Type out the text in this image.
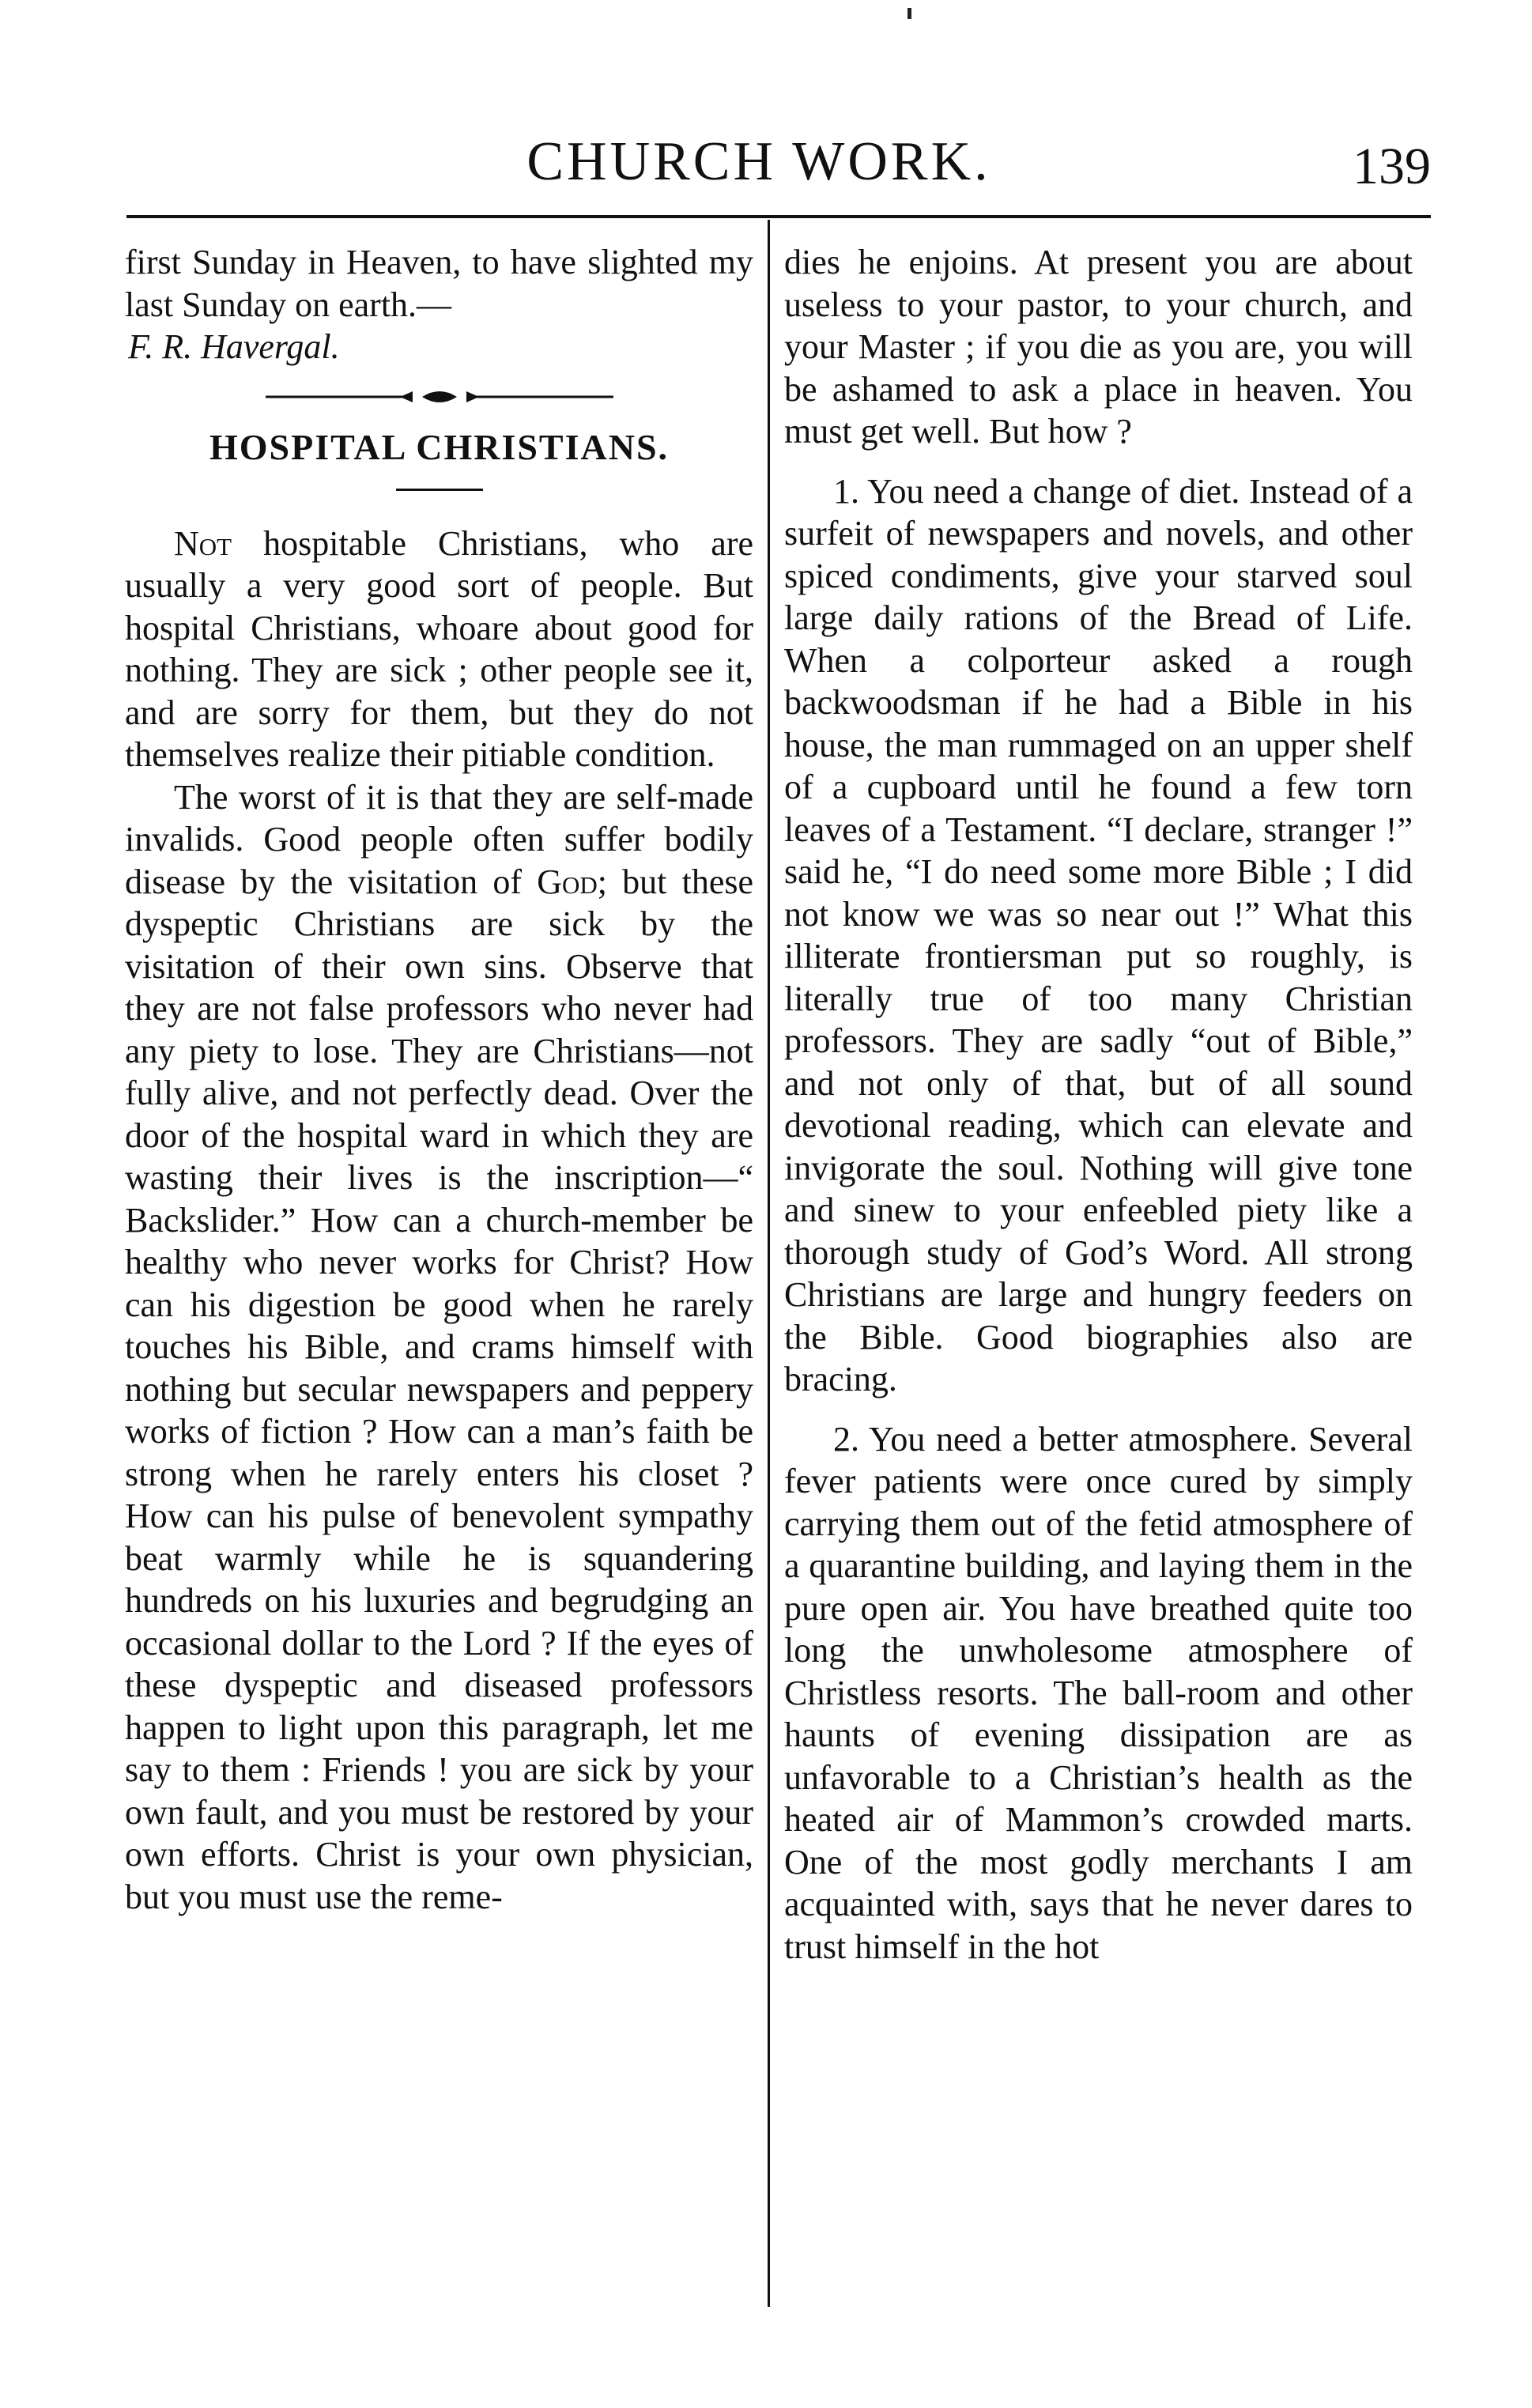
CHURCH WORK.	139

first Sunday in Heaven, to have slighted my last Sunday on earth.—

F. R. Havergal.

HOSPITAL CHRISTIANS.

Not hospitable Christians, who are usually a very good sort of people. But hospital Christians, whoare about good for nothing. They are sick ; other people see it, and are sorry for them, but they do not themselves realize their pitiable condition.

The worst of it is that they are self-made invalids. Good people often suffer bodily disease by the visitation of God; but these dyspeptic Christians are sick by the visitation of their own sins. Observe that they are not false professors who never had any piety to lose. They are Christians—not fully alive, and not perfectly dead. Over the door of the hospital ward in which they are wasting their lives is the inscription—“ Backslider.” How can a church-member be healthy who never works for Christ? How can his digestion be good when he rarely touches his Bible, and crams himself with nothing but secular newspapers and peppery works of fiction ? How can a man’s faith be strong when he rarely enters his closet ? How can his pulse of benevolent sympathy beat warmly while he is squandering hundreds on his luxuries and begrudging an occasional dollar to the Lord ? If the eyes of these dyspeptic and diseased professors happen to light upon this paragraph, let me say to them : Friends ! you are sick by your own fault, and you must be restored by your own efforts. Christ is your own physician, but you must use the reme-

dies he enjoins. At present you are about useless to your pastor, to your church, and your Master ; if you die as you are, you will be ashamed to ask a place in heaven. You must get well. But how ?

1. You need a change of diet. Instead of a surfeit of newspapers and novels, and other spiced condiments, give your starved soul large daily rations of the Bread of Life. When a colporteur asked a rough backwoodsman if he had a Bible in his house, the man rummaged on an upper shelf of a cupboard until he found a few torn leaves of a Testament. “I declare, stranger !” said he, “I do need some more Bible ; I did not know we was so near out !” What this illiterate frontiersman put so roughly, is literally true of too many Christian professors. They are sadly “out of Bible,” and not only of that, but of all sound devotional reading, which can elevate and invigorate the soul. Nothing will give tone and sinew to your enfeebled piety like a thorough study of God’s Word. All strong Christians are large and hungry feeders on the Bible. Good biographies also are bracing.

2. You need a better atmosphere. Several fever patients were once cured by simply carrying them out of the fetid atmosphere of a quarantine building, and laying them in the pure open air. You have breathed quite too long the unwholesome atmosphere of Christless resorts. The ball-room and other haunts of evening dissipation are as unfavorable to a Christian’s health as the heated air of Mammon’s crowded marts. One of the most godly merchants I am acquainted with, says that he never dares to trust himself in the hot
